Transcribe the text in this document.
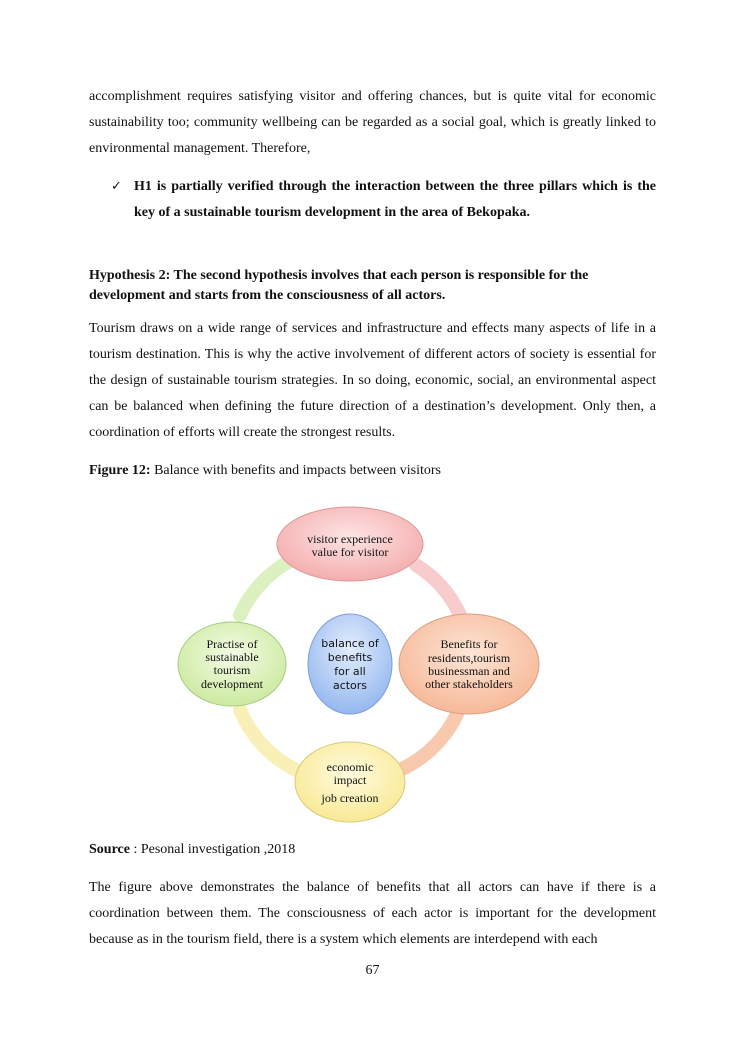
accomplishment requires satisfying visitor and offering chances, but is quite vital for economic sustainability too; community wellbeing can be regarded as a social goal, which is greatly linked to environmental management. Therefore,

✓ H1 is partially verified through the interaction between the three pillars which is the key of a sustainable tourism development in the area of Bekopaka.

Hypothesis 2: The second hypothesis involves that each person is responsible for the development and starts from the consciousness of all actors.

Tourism draws on a wide range of services and infrastructure and effects many aspects of life in a tourism destination. This is why the active involvement of different actors of society is essential for the design of sustainable tourism strategies. In so doing, economic, social, an environmental aspect can be balanced when defining the future direction of a destination’s development. Only then, a coordination of efforts will create the strongest results.

Figure 12: Balance with benefits and impacts between visitors

visitor experience
value for visitor
Benefits for
residents,tourism
businessman and
other stakeholders
economic
impact
job creation
Practise of
sustainable
tourism
development
balance of
benefits
for all
actors

Source : Pesonal investigation ,2018

The figure above demonstrates the balance of benefits that all actors can have if there is a coordination between them. The consciousness of each actor is important for the development because as in the tourism field, there is a system which elements are interdepend with each

67
